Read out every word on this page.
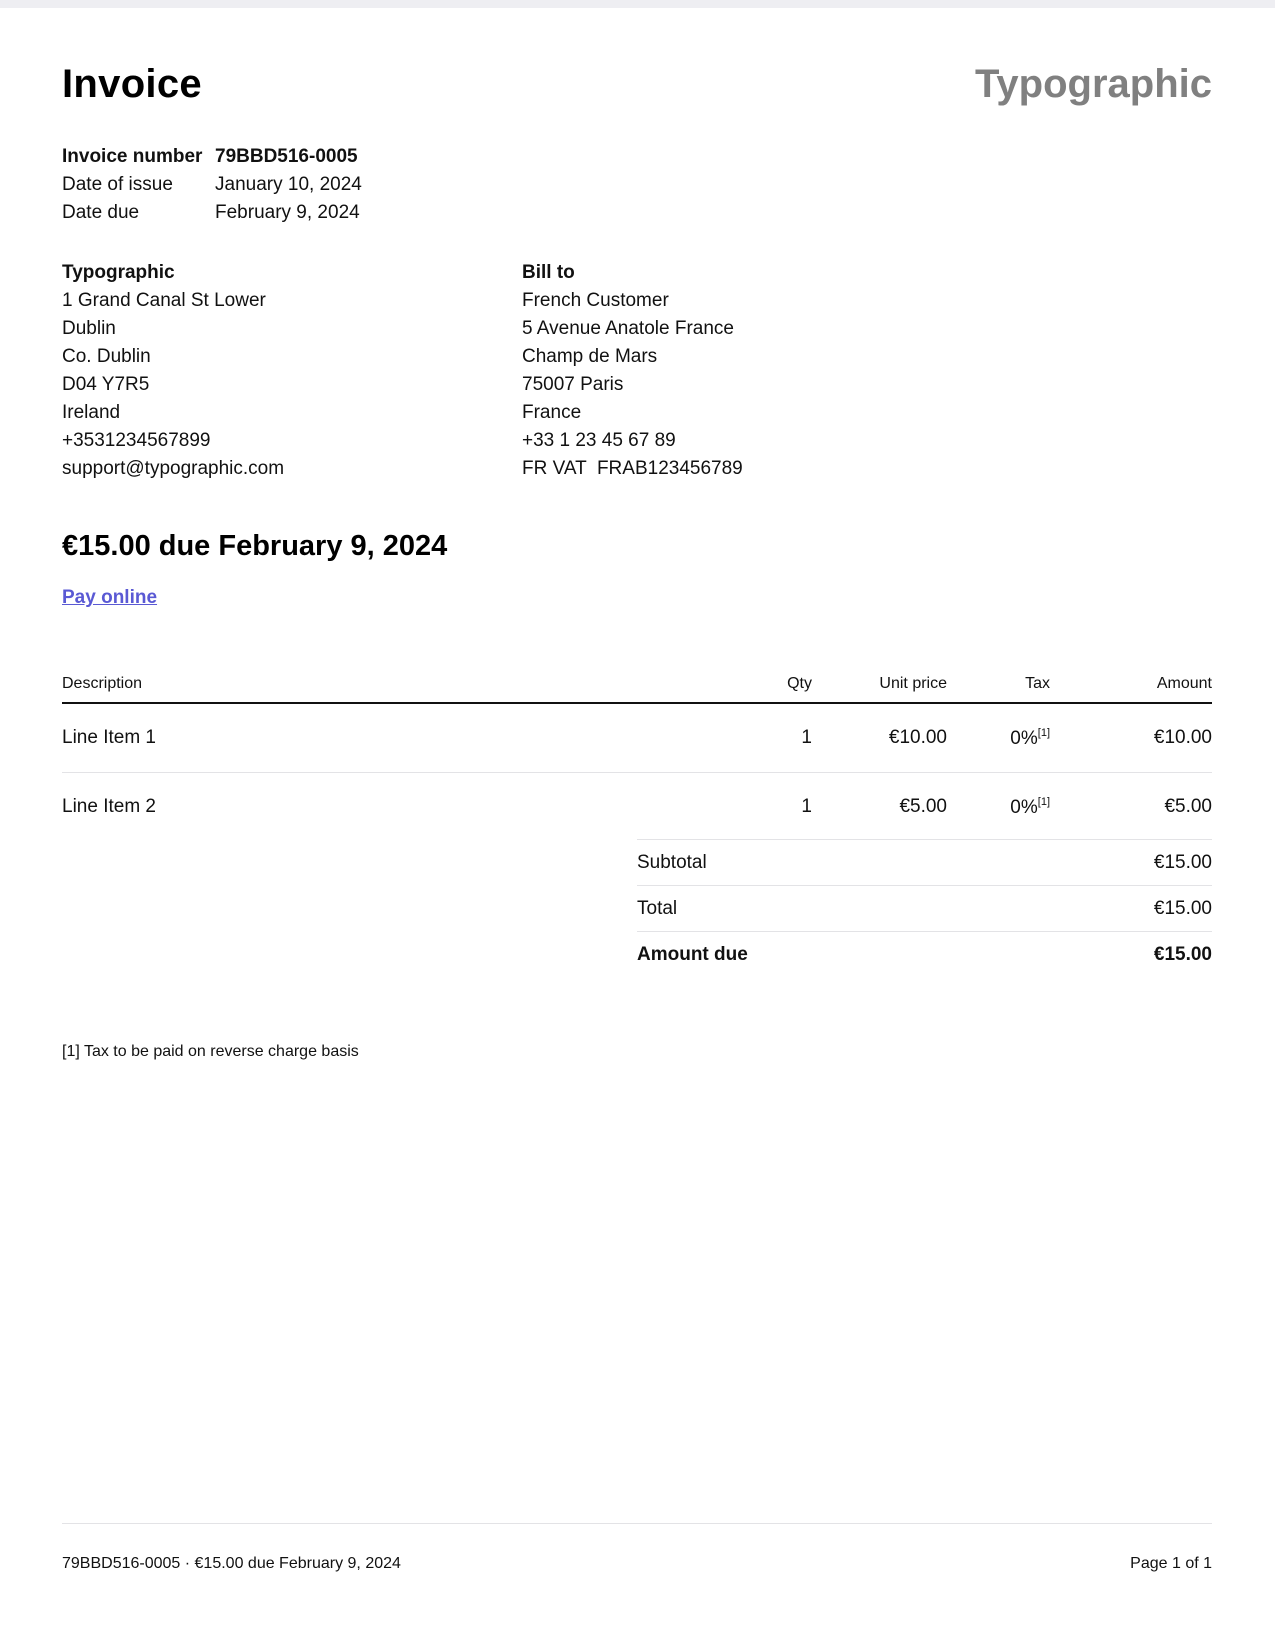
Invoice	Typographic
Invoice number 79BBD516-0005
Date of issue	January 10, 2024
Date due	February 9, 2024
Typographic
1 Grand Canal St Lower
Dublin
Co. Dublin
D04 Y7R5
Ireland
+3531234567899
support@typographic.com
Bill to
French Customer
5 Avenue Anatole France
Champ de Mars
75007 Paris
France
+33 1 23 45 67 89
FR VAT  FRAB123456789
€15.00 due February 9, 2024
Pay online
Description	Qty	Unit price	Tax	Amount
Line Item 1	1	€10.00	0%[1]	€10.00
Line Item 2	1	€5.00	0%[1]	€5.00
Subtotal	€15.00
Total	€15.00
Amount due	€15.00
[1] Tax to be paid on reverse charge basis
79BBD516-0005 · €15.00 due February 9, 2024	Page 1 of 1
